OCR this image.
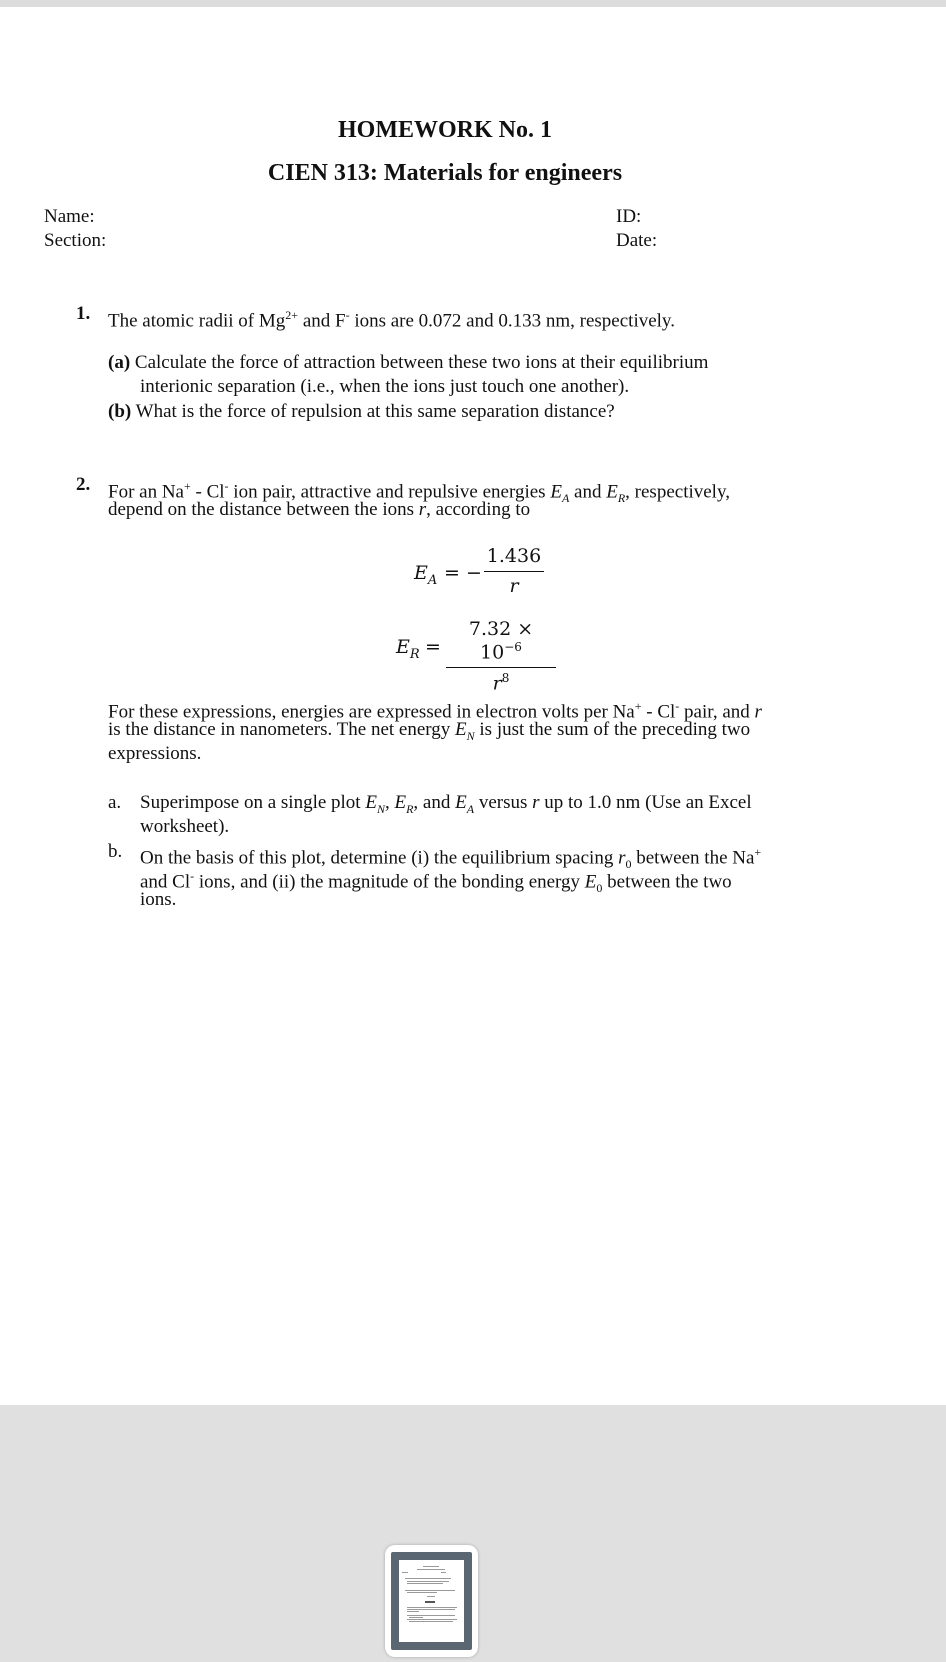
HOMEWORK No. 1
CIEN 313: Materials for engineers
Name:
Section:
ID:
Date:
1. The atomic radii of $Mg^{2+}$ and F- ions are 0.072 and 0.133 nm, respectively.
(a) Calculate the force of attraction between these two ions at their equilibrium
interionic separation (i.e., when the ions just touch one another).
(b) What is the force of repulsion at this same separation distance?
2. For an Na+ - Cl- ion pair, attractive and repulsive energies $E_A$ and $E_R$, respectively,
depend on the distance between the ions r, according to
$E_A$ = −
1.436
r
$E_R$ =
$7.32 \times 10^{-6}$
$r^8$
For these expressions, energies are expressed in electron volts per Na+ - Cl- pair, and r
is the distance in nanometers. The net energy $E_N$ is just the sum of the preceding two
expressions.
a. Superimpose on a single plot $E_N$, $E_R$, and $E_A$ versus r up to 1.0 nm (Use an Excel
worksheet).
b. On the basis of this plot, determine (i) the equilibrium spacing $r_0$ between the Na+
and Cl- ions, and (ii) the magnitude of the bonding energy $E_0$ between the two
ions.
